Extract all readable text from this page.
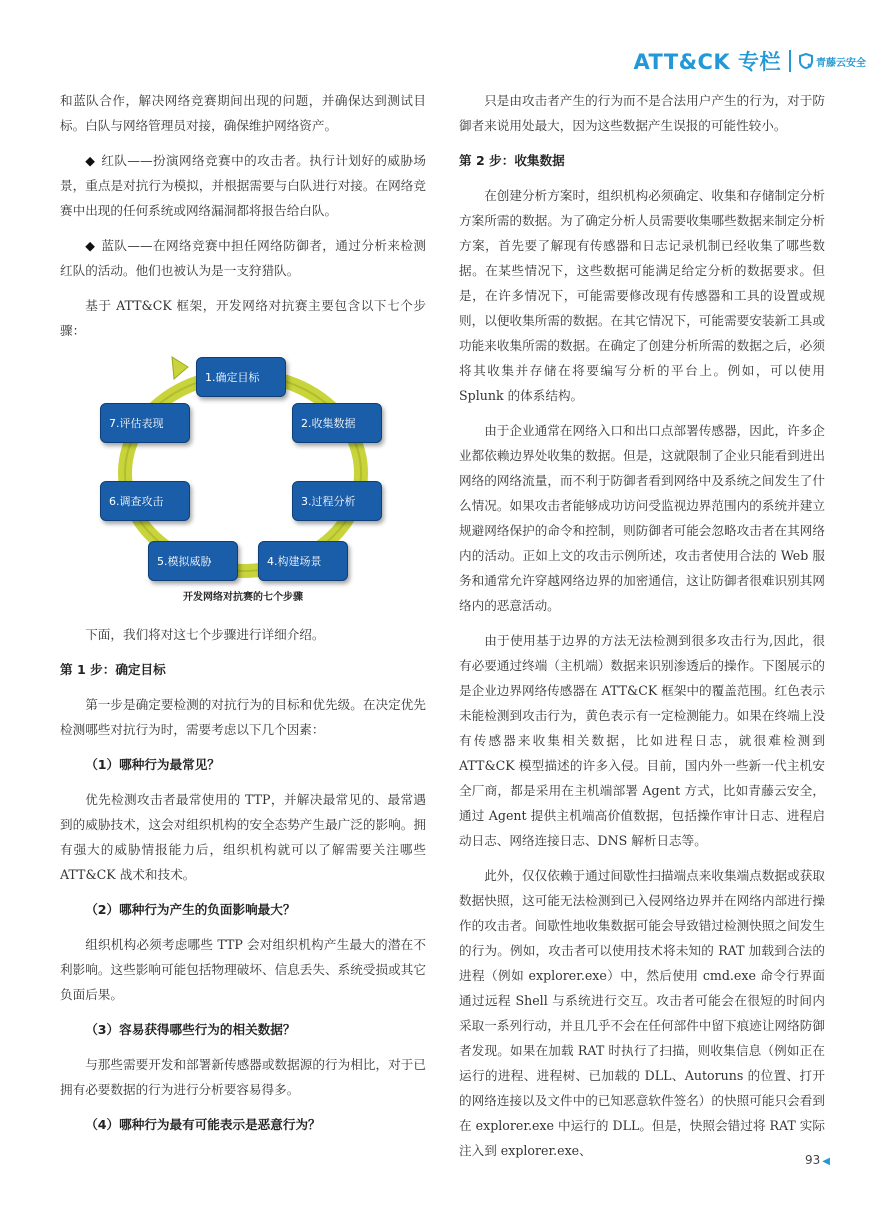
ATT&CK 专栏	青藤云安全

和蓝队合作，解决网络竞赛期间出现的问题，并确保达到测试目标。白队与网络管理员对接，确保维护网络资产。

◆ 红队——扮演网络竞赛中的攻击者。执行计划好的威胁场景，重点是对抗行为模拟，并根据需要与白队进行对接。在网络竞赛中出现的任何系统或网络漏洞都将报告给白队。

◆ 蓝队——在网络竞赛中担任网络防御者，通过分析来检测红队的活动。他们也被认为是一支狩猎队。

基于 ATT&CK 框架，开发网络对抗赛主要包含以下七个步骤：

1.确定目标
2.收集数据
3.过程分析
4.构建场景
5.模拟威胁
6.调查攻击
7.评估表现
开发网络对抗赛的七个步骤

下面，我们将对这七个步骤进行详细介绍。

第 1 步：确定目标

第一步是确定要检测的对抗行为的目标和优先级。在决定优先检测哪些对抗行为时，需要考虑以下几个因素：

（1）哪种行为最常见？

优先检测攻击者最常使用的 TTP，并解决最常见的、最常遇到的威胁技术，这会对组织机构的安全态势产生最广泛的影响。拥有强大的威胁情报能力后，组织机构就可以了解需要关注哪些 ATT&CK 战术和技术。

（2）哪种行为产生的负面影响最大？

组织机构必须考虑哪些 TTP 会对组织机构产生最大的潜在不利影响。这些影响可能包括物理破坏、信息丢失、系统受损或其它负面后果。

（3）容易获得哪些行为的相关数据？

与那些需要开发和部署新传感器或数据源的行为相比，对于已拥有必要数据的行为进行分析要容易得多。

（4）哪种行为最有可能表示是恶意行为？

只是由攻击者产生的行为而不是合法用户产生的行为，对于防御者来说用处最大，因为这些数据产生误报的可能性较小。

第 2 步：收集数据

在创建分析方案时，组织机构必须确定、收集和存储制定分析方案所需的数据。为了确定分析人员需要收集哪些数据来制定分析方案，首先要了解现有传感器和日志记录机制已经收集了哪些数据。在某些情况下，这些数据可能满足给定分析的数据要求。但是，在许多情况下，可能需要修改现有传感器和工具的设置或规则，以便收集所需的数据。在其它情况下，可能需要安装新工具或功能来收集所需的数据。在确定了创建分析所需的数据之后，必须将其收集并存储在将要编写分析的平台上。例如，可以使用 Splunk 的体系结构。

由于企业通常在网络入口和出口点部署传感器，因此，许多企业都依赖边界处收集的数据。但是，这就限制了企业只能看到进出网络的网络流量，而不利于防御者看到网络中及系统之间发生了什么情况。如果攻击者能够成功访问受监视边界范围内的系统并建立规避网络保护的命令和控制，则防御者可能会忽略攻击者在其网络内的活动。正如上文的攻击示例所述，攻击者使用合法的 Web 服务和通常允许穿越网络边界的加密通信，这让防御者很难识别其网络内的恶意活动。

由于使用基于边界的方法无法检测到很多攻击行为,因此，很有必要通过终端（主机端）数据来识别渗透后的操作。下图展示的是企业边界网络传感器在 ATT&CK 框架中的覆盖范围。红色表示未能检测到攻击行为，黄色表示有一定检测能力。如果在终端上没有传感器来收集相关数据，比如进程日志，就很难检测到 ATT&CK 模型描述的许多入侵。目前，国内外一些新一代主机安全厂商，都是采用在主机端部署 Agent 方式，比如青藤云安全，通过 Agent 提供主机端高价值数据，包括操作审计日志、进程启动日志、网络连接日志、DNS 解析日志等。

此外，仅仅依赖于通过间歇性扫描端点来收集端点数据或获取数据快照，这可能无法检测到已入侵网络边界并在网络内部进行操作的攻击者。间歇性地收集数据可能会导致错过检测快照之间发生的行为。例如，攻击者可以使用技术将未知的 RAT 加载到合法的进程（例如 explorer.exe）中，然后使用 cmd.exe 命令行界面通过远程 Shell 与系统进行交互。攻击者可能会在很短的时间内采取一系列行动，并且几乎不会在任何部件中留下痕迹让网络防御者发现。如果在加载 RAT 时执行了扫描，则收集信息（例如正在运行的进程、进程树、已加载的 DLL、Autoruns 的位置、打开的网络连接以及文件中的已知恶意软件签名）的快照可能只会看到在 explorer.exe 中运行的 DLL。但是，快照会错过将 RAT 实际注入到 explorer.exe、

93 ◀
